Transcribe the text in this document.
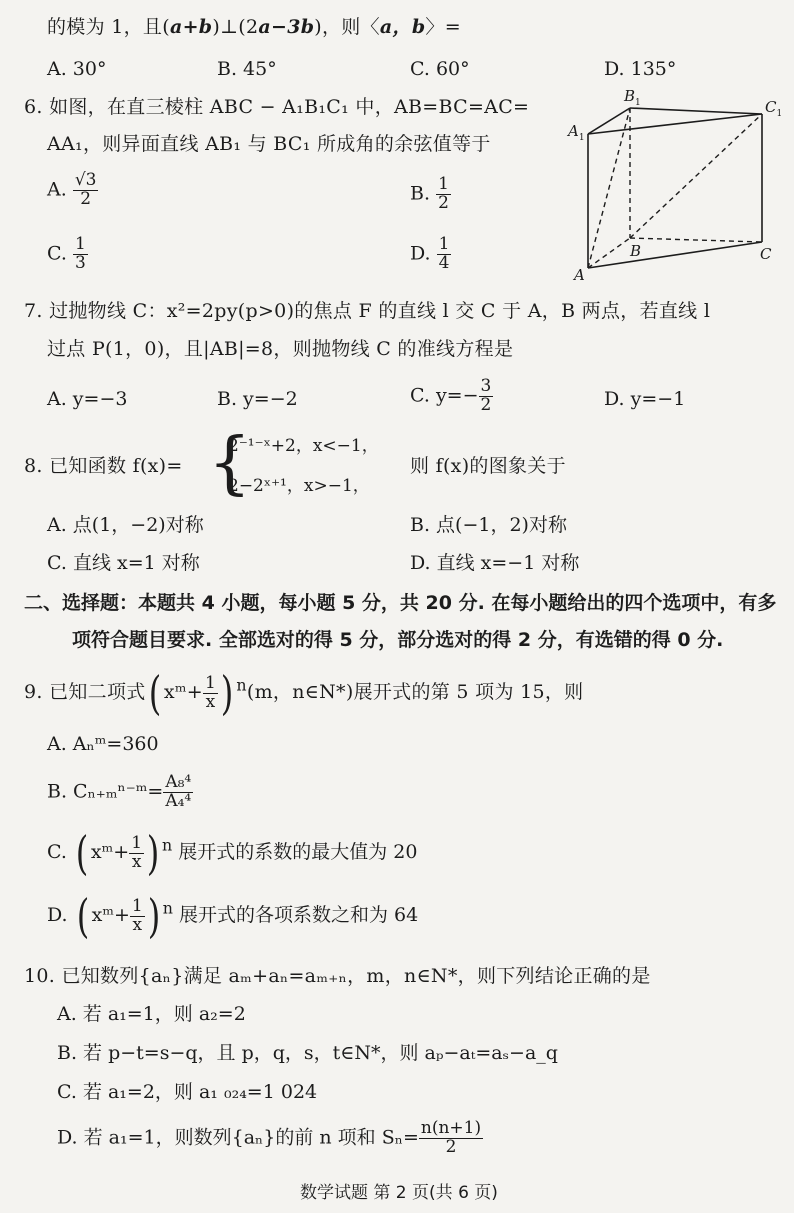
的模为 1，且(a+b)⊥(2a−3b)，则〈a，b〉=
A. 30°	B. 45°	C. 60°	D. 135°
6. 如图，在直三棱柱 ABC − A₁B₁C₁ 中，AB=BC=AC=
AA₁，则异面直线 AB₁ 与 BC₁ 所成角的余弦值等于
A. $\frac{√3}{2}$	B. $\frac{1}{2}$
C. $\frac{1}{3}$	D. $\frac{1}{4}$
$A_1$
$B_1$	$C_1$
A
B	C
7. 过抛物线 C：x²=2py(p>0)的焦点 F 的直线 l 交 C 于 A，B 两点，若直线 l
过点 P(1，0)，且|AB|=8，则抛物线 C 的准线方程是
A. y=−3	B. y=−2	C. $y=- \frac{3}{2}$	D. y=−1
8. 已知函数 f(x)= {
2⁻¹⁻ˣ+2，x<−1，
2−2ˣ⁺¹，x>−1，
则 f(x)的图象关于
A. 点(1，−2)对称	B. 点(−1，2)对称
C. 直线 x=1 对称	D. 直线 x=−1 对称
二、选择题：本题共 4 小题，每小题 5 分，共 20 分. 在每小题给出的四个选项中，有多
项符合题目要求. 全部选对的得 5 分，部分选对的得 2 分，有选错的得 0 分.
9. 已知二项式( xᵐ+ $\frac{1}{x}$ ) $^n$(m，n∈N*)展开式的第 5 项为 15，则
A. Aₙᵐ=360
B. Cₙ₊ₘⁿ⁻ᵐ= $\frac{\text{A₈⁴}}{\text{A₄⁴}}$
C. ( xᵐ+ $\frac{1}{x}$ ) $^n$ 展开式的系数的最大值为 20
D. ( xᵐ+ $\frac{1}{x}$ ) $^n$ 展开式的各项系数之和为 64
10. 已知数列{aₙ}满足 aₘ+aₙ=aₘ₊ₙ，m，n∈N*，则下列结论正确的是
A. 若 a₁=1，则 a₂=2
B. 若 p−t=s−q，且 p，q，s，t∈N*，则 aₚ−aₜ=aₛ−a_q
C. 若 a₁=2，则 a₁ ₀₂₄=1 024
D. 若 a₁=1，则数列{aₙ}的前 n 项和 $S_n= \frac{n(n+1)}{2}$
数学试题 第 2 页(共 6 页)
